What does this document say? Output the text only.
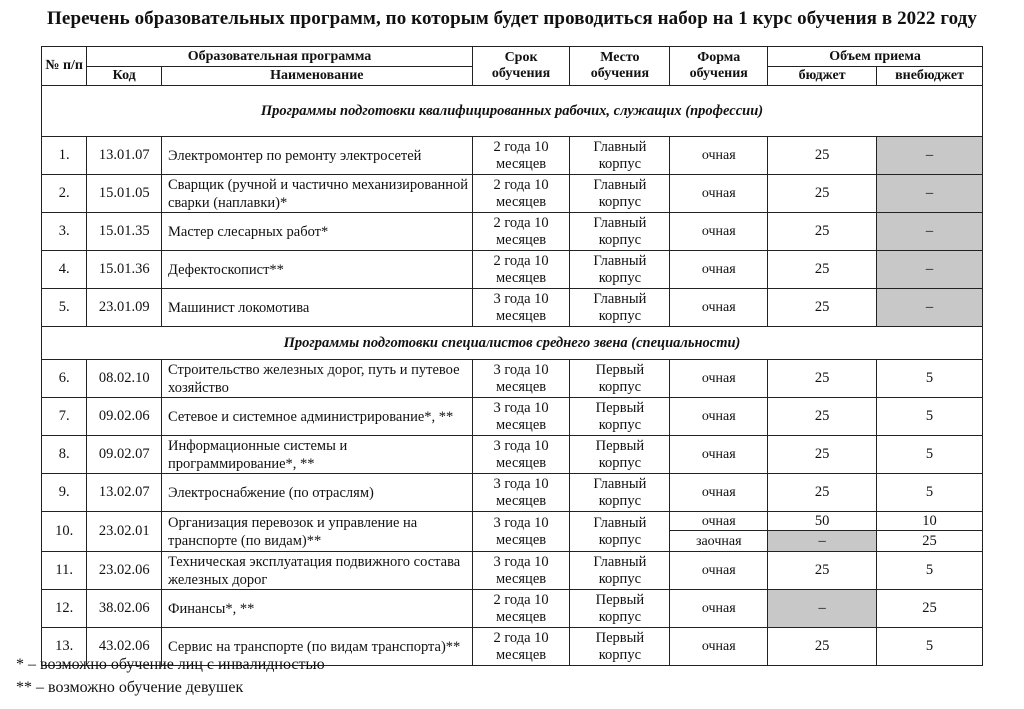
Перечень образовательных программ, по которым будет проводиться набор на 1 курс обучения в 2022 году
№ п/п	Образовательная программа		Срок обучения	Место обучения	Форма обучения	Объем приема	
	Код	Наименование				бюджет	внебюджет
Программы подготовки квалифицированных рабочих, служащих (профессии)							
1.	13.01.07	Электромонтер по ремонту электросетей	2 года 10 месяцев	Главный корпус	очная	25	–
2.	15.01.05	Сварщик (ручной и частично механизированной сварки (наплавки)*	2 года 10 месяцев	Главный корпус	очная	25	–
3.	15.01.35	Мастер слесарных работ*	2 года 10 месяцев	Главный корпус	очная	25	–
4.	15.01.36	Дефектоскопист**	2 года 10 месяцев	Главный корпус	очная	25	–
5.	23.01.09	Машинист локомотива	3 года 10 месяцев	Главный корпус	очная	25	–
Программы подготовки специалистов среднего звена (специальности)							
6.	08.02.10	Строительство железных дорог, путь и путевое хозяйство	3 года 10 месяцев	Первый корпус	очная	25	5
7.	09.02.06	Сетевое и системное администрирование*, **	3 года 10 месяцев	Первый корпус	очная	25	5
8.	09.02.07	Информационные системы и программирование*, **	3 года 10 месяцев	Первый корпус	очная	25	5
9.	13.02.07	Электроснабжение (по отраслям)	3 года 10 месяцев	Главный корпус	очная	25	5
10.	23.02.01	Организация перевозок и управление на транспорте (по видам)**	3 года 10 месяцев	Главный корпус	очная	50	10
					заочная	–	25
11.	23.02.06	Техническая эксплуатация подвижного состава железных дорог	3 года 10 месяцев	Главный корпус	очная	25	5
12.	38.02.06	Финансы*, **	2 года 10 месяцев	Первый корпус	очная	–	25
13.	43.02.06	Сервис на транспорте (по видам транспорта)**	2 года 10 месяцев	Первый корпус	очная	25	5
* – возможно обучение лиц с инвалидностью
** – возможно обучение девушек
